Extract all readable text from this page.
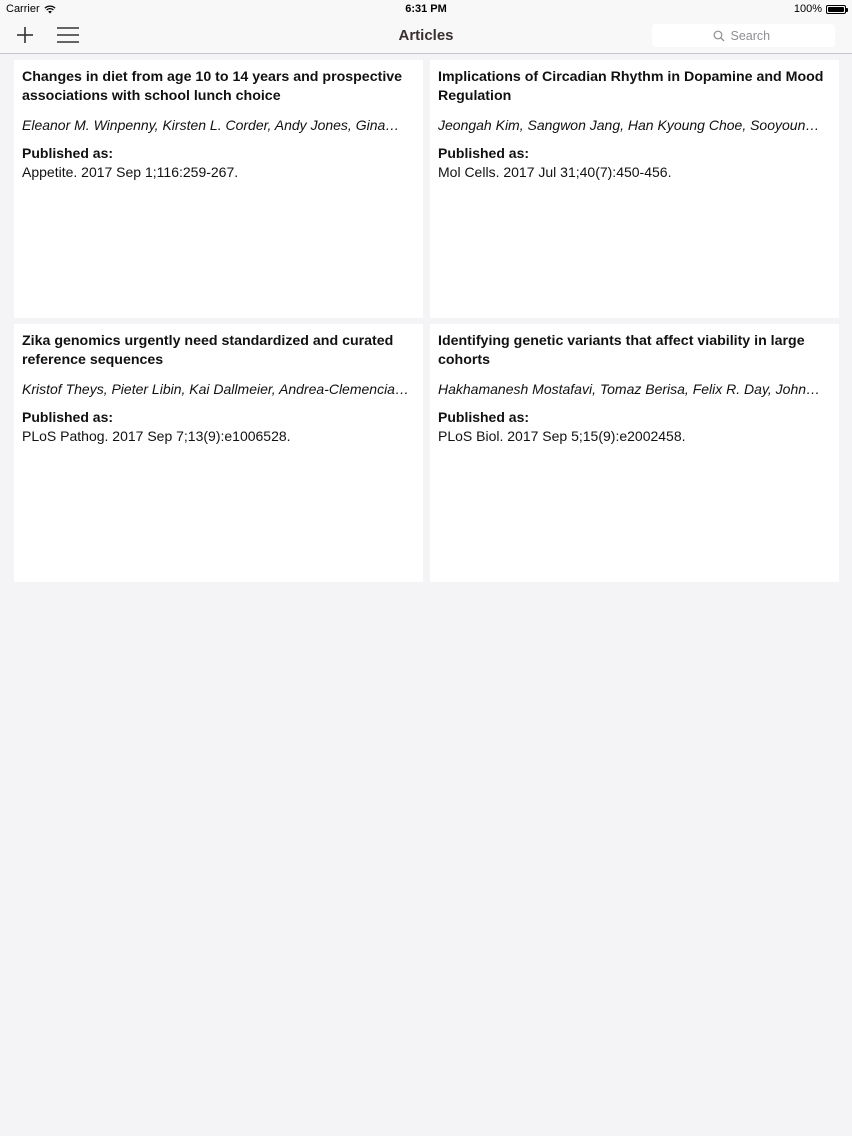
Carrier	6:31 PM	100%
Articles
Search
Changes in diet from age 10 to 14 years and prospective associations with school lunch choice
Eleanor M. Winpenny, Kirsten L. Corder, Andy Jones, Gina…
Published as:
Appetite. 2017 Sep 1;116:259-267.
Implications of Circadian Rhythm in Dopamine and Mood Regulation
Jeongah Kim, Sangwon Jang, Han Kyoung Choe, Sooyoun…
Published as:
Mol Cells. 2017 Jul 31;40(7):450-456.
Zika genomics urgently need standardized and curated reference sequences
Kristof Theys, Pieter Libin, Kai Dallmeier, Andrea-Clemencia…
Published as:
PLoS Pathog. 2017 Sep 7;13(9):e1006528.
Identifying genetic variants that affect viability in large cohorts
Hakhamanesh Mostafavi, Tomaz Berisa, Felix R. Day, John…
Published as:
PLoS Biol. 2017 Sep 5;15(9):e2002458.
